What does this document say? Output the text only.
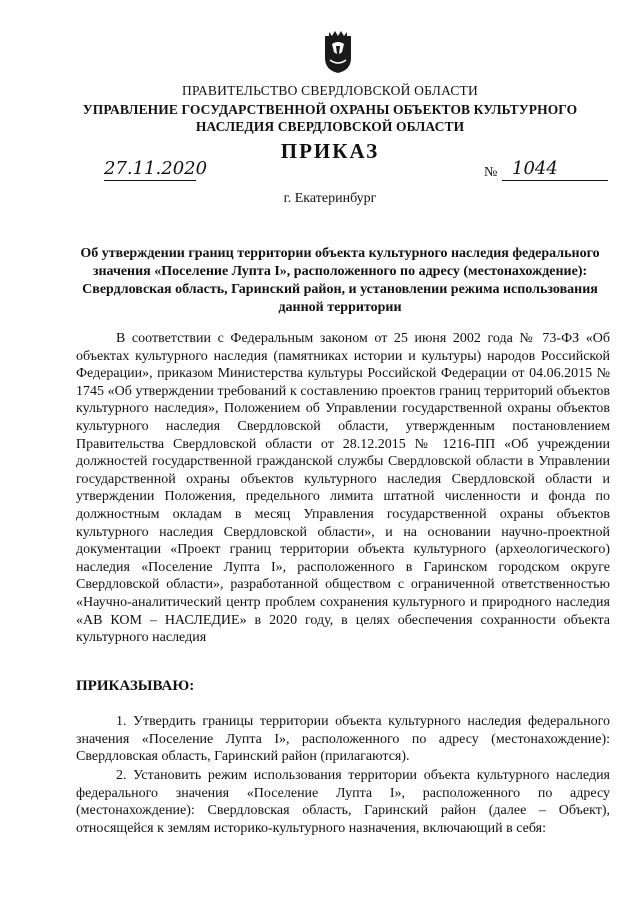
ПРАВИТЕЛЬСТВО СВЕРДЛОВСКОЙ ОБЛАСТИ
УПРАВЛЕНИЕ ГОСУДАРСТВЕННОЙ ОХРАНЫ ОБЪЕКТОВ КУЛЬТУРНОГО НАСЛЕДИЯ СВЕРДЛОВСКОЙ ОБЛАСТИ
ПРИКАЗ
27.11.2020	№ 1044
г. Екатеринбург
Об утверждении границ территории объекта культурного наследия федерального значения «Поселение Лупта I», расположенного по адресу (местонахождение): Свердловская область, Гаринский район, и установлении режима использования данной территории
В соответствии с Федеральным законом от 25 июня 2002 года № 73-ФЗ «Об объектах культурного наследия (памятниках истории и культуры) народов Российской Федерации», приказом Министерства культуры Российской Федерации от 04.06.2015 № 1745 «Об утверждении требований к составлению проектов границ территорий объектов культурного наследия», Положением об Управлении государственной охраны объектов культурного наследия Свердловской области, утвержденным постановлением Правительства Свердловской области от 28.12.2015 № 1216-ПП «Об учреждении должностей государственной гражданской службы Свердловской области в Управлении государственной охраны объектов культурного наследия Свердловской области и утверждении Положения, предельного лимита штатной численности и фонда по должностным окладам в месяц Управления государственной охраны объектов культурного наследия Свердловской области», и на основании научно-проектной документации «Проект границ территории объекта культурного (археологического) наследия «Поселение Лупта I», расположенного в Гаринском городском округе Свердловской области», разработанной обществом с ограниченной ответственностью «Научно-аналитический центр проблем сохранения культурного и природного наследия «АВ КОМ – НАСЛЕДИЕ» в 2020 году, в целях обеспечения сохранности объекта культурного наследия
ПРИКАЗЫВАЮ:
1. Утвердить границы территории объекта культурного наследия федерального значения «Поселение Лупта I», расположенного по адресу (местонахождение): Свердловская область, Гаринский район (прилагаются).
2. Установить режим использования территории объекта культурного наследия федерального значения «Поселение Лупта I», расположенного по адресу (местонахождение): Свердловская область, Гаринский район (далее – Объект), относящейся к землям историко-культурного назначения, включающий в себя:
